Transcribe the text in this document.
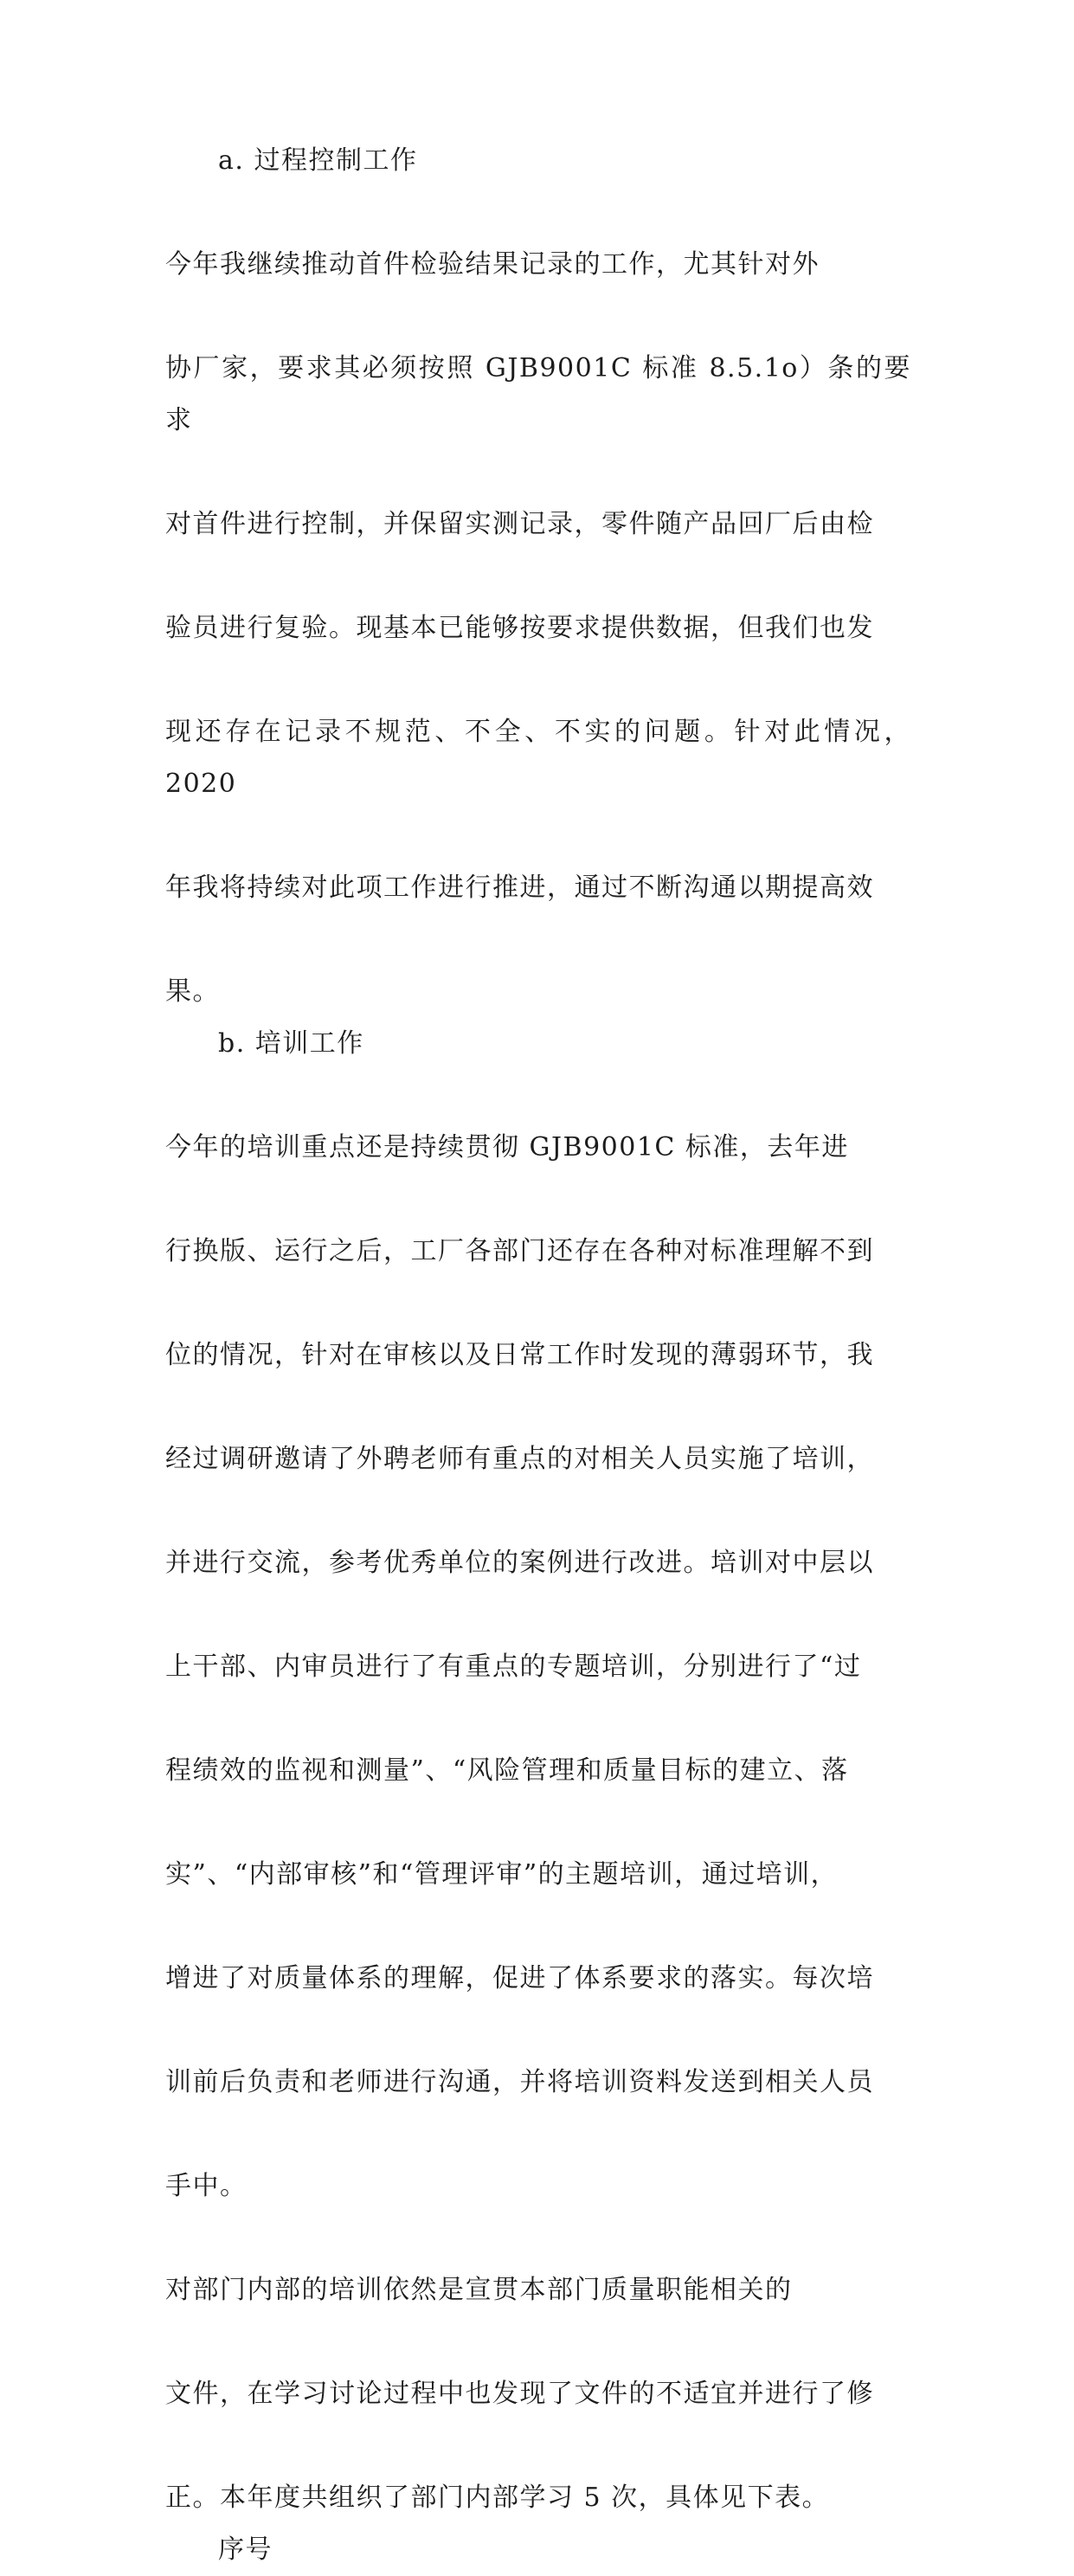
a. 过程控制工作

今年我继续推动首件检验结果记录的工作，尤其针对外

协厂家，要求其必须按照 GJB9001C 标准 8.5.1o）条的要求

对首件进行控制，并保留实测记录，零件随产品回厂后由检

验员进行复验。现基本已能够按要求提供数据，但我们也发

现还存在记录不规范、不全、不实的问题。针对此情况，2020

年我将持续对此项工作进行推进，通过不断沟通以期提高效

果。

b. 培训工作

今年的培训重点还是持续贯彻 GJB9001C 标准，去年进

行换版、运行之后，工厂各部门还存在各种对标准理解不到

位的情况，针对在审核以及日常工作时发现的薄弱环节，我

经过调研邀请了外聘老师有重点的对相关人员实施了培训，

并进行交流，参考优秀单位的案例进行改进。培训对中层以

上干部、内审员进行了有重点的专题培训，分别进行了“过

程绩效的监视和测量”、“风险管理和质量目标的建立、落

实”、“内部审核”和“管理评审”的主题培训，通过培训，

增进了对质量体系的理解，促进了体系要求的落实。每次培

训前后负责和老师进行沟通，并将培训资料发送到相关人员

手中。

对部门内部的培训依然是宣贯本部门质量职能相关的

文件，在学习讨论过程中也发现了文件的不适宜并进行了修

正。本年度共组织了部门内部学习 5 次，具体见下表。

序号
